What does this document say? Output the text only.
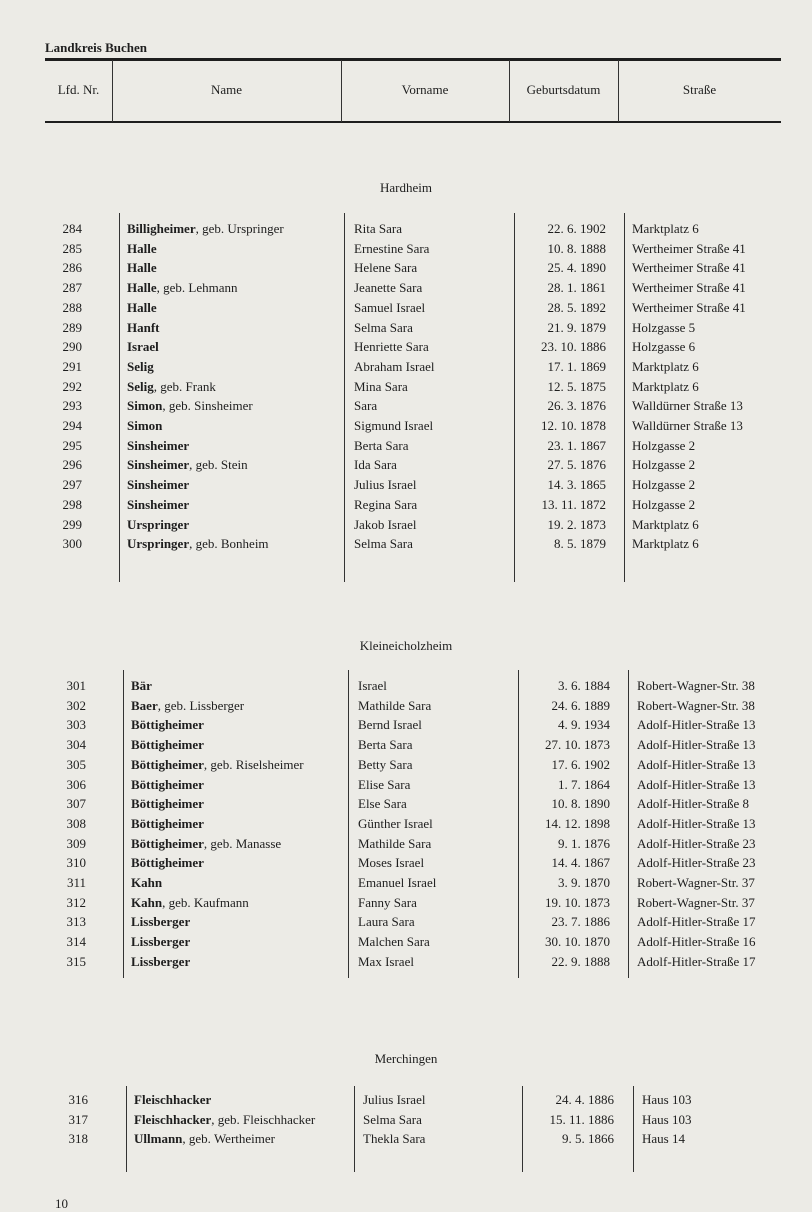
Landkreis Buchen
Lfd. Nr.	Name	Vorname	Geburtsdatum	Straße
Hardheim
284	Billigheimer, geb. Urspringer	Rita Sara	22. 6. 1902 Marktplatz 6
285	Halle	Ernestine Sara	10. 8. 1888 Wertheimer Straße 41
286	Halle	Helene Sara	25. 4. 1890 Wertheimer Straße 41
287	Halle, geb. Lehmann	Jeanette Sara	28. 1. 1861 Wertheimer Straße 41
288	Halle	Samuel Israel	28. 5. 1892 Wertheimer Straße 41
289	Hanft	Selma Sara	21. 9. 1879 Holzgasse 5
290	Israel	Henriette Sara	23. 10. 1886 Holzgasse 6
291	Selig	Abraham Israel	17. 1. 1869 Marktplatz 6
292	Selig, geb. Frank	Mina Sara	12. 5. 1875 Marktplatz 6
293	Simon, geb. Sinsheimer	Sara	26. 3. 1876 Walldürner Straße 13
294	Simon	Sigmund Israel	12. 10. 1878 Walldürner Straße 13
295	Sinsheimer	Berta Sara	23. 1. 1867 Holzgasse 2
296	Sinsheimer, geb. Stein	Ida Sara	27. 5. 1876 Holzgasse 2
297	Sinsheimer	Julius Israel	14. 3. 1865 Holzgasse 2
298	Sinsheimer	Regina Sara	13. 11. 1872 Holzgasse 2
299	Urspringer	Jakob Israel	19. 2. 1873 Marktplatz 6
300	Urspringer, geb. Bonheim	Selma Sara	8. 5. 1879 Marktplatz 6
Kleineicholzheim
301	Bär	Israel	3. 6. 1884 Robert-Wagner-Str. 38
302	Baer, geb. Lissberger	Mathilde Sara	24. 6. 1889 Robert-Wagner-Str. 38
303	Böttigheimer	Bernd Israel	4. 9. 1934 Adolf-Hitler-Straße 13
304	Böttigheimer	Berta Sara	27. 10. 1873 Adolf-Hitler-Straße 13
305	Böttigheimer, geb. Riselsheimer	Betty Sara	17. 6. 1902 Adolf-Hitler-Straße 13
306	Böttigheimer	Elise Sara	1. 7. 1864 Adolf-Hitler-Straße 13
307	Böttigheimer	Else Sara	10. 8. 1890 Adolf-Hitler-Straße 8
308	Böttigheimer	Günther Israel	14. 12. 1898 Adolf-Hitler-Straße 13
309	Böttigheimer, geb. Manasse	Mathilde Sara	9. 1. 1876 Adolf-Hitler-Straße 23
310	Böttigheimer	Moses Israel	14. 4. 1867 Adolf-Hitler-Straße 23
311	Kahn	Emanuel Israel	3. 9. 1870 Robert-Wagner-Str. 37
312	Kahn, geb. Kaufmann	Fanny Sara	19. 10. 1873 Robert-Wagner-Str. 37
313	Lissberger	Laura Sara	23. 7. 1886 Adolf-Hitler-Straße 17
314	Lissberger	Malchen Sara	30. 10. 1870 Adolf-Hitler-Straße 16
315	Lissberger	Max Israel	22. 9. 1888 Adolf-Hitler-Straße 17
Merchingen
316	Fleischhacker	Julius Israel	24. 4. 1886 Haus 103
317	Fleischhacker, geb. Fleischhacker	Selma Sara	15. 11. 1886 Haus 103
318	Ullmann, geb. Wertheimer	Thekla Sara	9. 5. 1866 Haus 14
10
